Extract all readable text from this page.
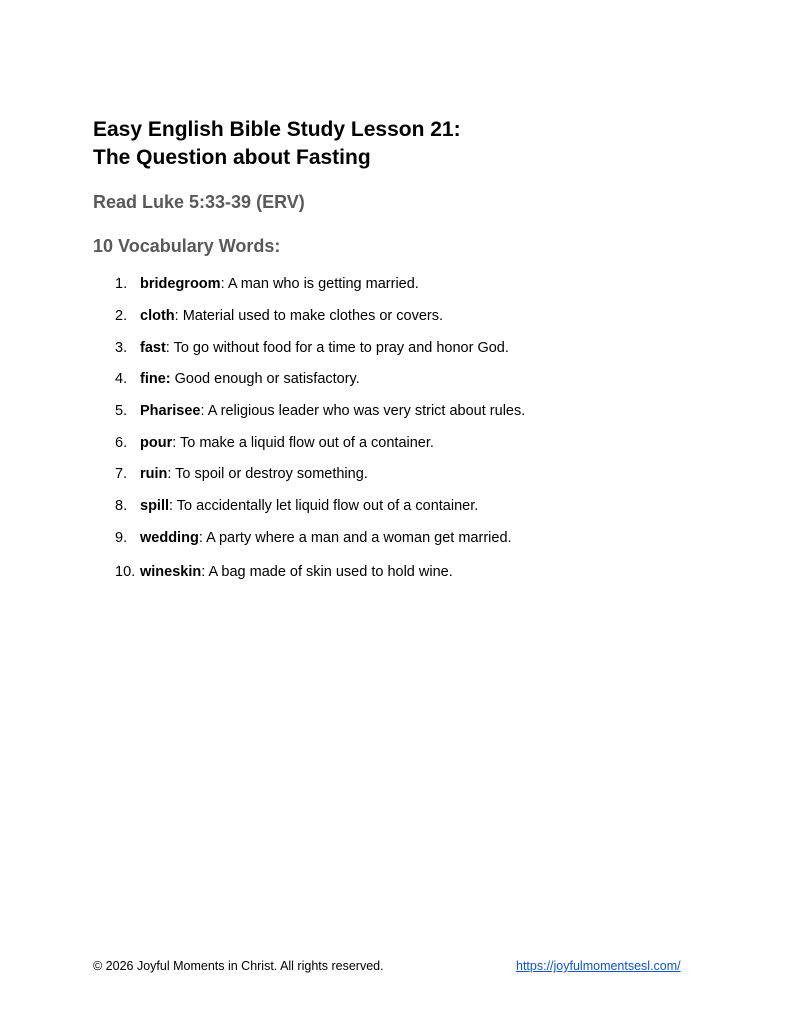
Easy English Bible Study Lesson 21:
The Question about Fasting
Read Luke 5:33-39 (ERV)
10 Vocabulary Words:
1. bridegroom: A man who is getting married.
2. cloth: Material used to make clothes or covers.
3. fast: To go without food for a time to pray and honor God.
4. fine: Good enough or satisfactory.
5. Pharisee: A religious leader who was very strict about rules.
6. pour: To make a liquid flow out of a container.
7. ruin: To spoil or destroy something.
8. spill: To accidentally let liquid flow out of a container.
9. wedding: A party where a man and a woman get married.
10. wineskin: A bag made of skin used to hold wine.
© 2026 Joyful Moments in Christ. All rights reserved.	https://joyfulmomentsesl.com/
